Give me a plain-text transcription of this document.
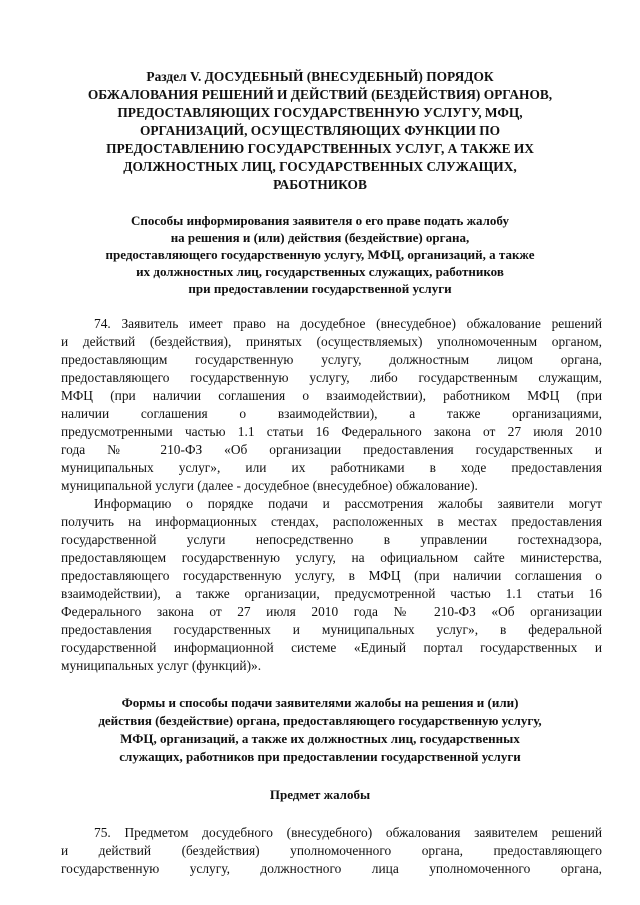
Раздел V. ДОСУДЕБНЫЙ (ВНЕСУДЕБНЫЙ) ПОРЯДОК
ОБЖАЛОВАНИЯ РЕШЕНИЙ И ДЕЙСТВИЙ (БЕЗДЕЙСТВИЯ) ОРГАНОВ,
ПРЕДОСТАВЛЯЮЩИХ ГОСУДАРСТВЕННУЮ УСЛУГУ, МФЦ,
ОРГАНИЗАЦИЙ, ОСУЩЕСТВЛЯЮЩИХ ФУНКЦИИ ПО
ПРЕДОСТАВЛЕНИЮ ГОСУДАРСТВЕННЫХ УСЛУГ, А ТАКЖЕ ИХ
ДОЛЖНОСТНЫХ ЛИЦ, ГОСУДАРСТВЕННЫХ СЛУЖАЩИХ,
РАБОТНИКОВ
Способы информирования заявителя о его праве подать жалобу
на решения и (или) действия (бездействие) органа,
предоставляющего государственную услугу, МФЦ, организаций, а также
их должностных лиц, государственных служащих, работников
при предоставлении государственной услуги
74. Заявитель имеет право на досудебное (внесудебное) обжалование решений
и действий (бездействия), принятых (осуществляемых) уполномоченным органом,
предоставляющим государственную услугу, должностным лицом органа,
предоставляющего государственную услугу, либо государственным служащим,
МФЦ (при наличии соглашения о взаимодействии), работником МФЦ (при
наличии соглашения о взаимодействии), а также организациями,
предусмотренными частью 1.1 статьи 16 Федерального закона от 27 июля 2010
года № 210-ФЗ «Об организации предоставления государственных и
муниципальных услуг», или их работниками в ходе предоставления
муниципальной услуги (далее - досудебное (внесудебное) обжалование).
Информацию о порядке подачи и рассмотрения жалобы заявители могут
получить на информационных стендах, расположенных в местах предоставления
государственной услуги непосредственно в управлении гостехнадзора,
предоставляющем государственную услугу, на официальном сайте министерства,
предоставляющего государственную услугу, в МФЦ (при наличии соглашения о
взаимодействии), а также организации, предусмотренной частью 1.1 статьи 16
Федерального закона от 27 июля 2010 года № 210-ФЗ «Об организации
предоставления государственных и муниципальных услуг», в федеральной
государственной информационной системе «Единый портал государственных и
муниципальных услуг (функций)».
Формы и способы подачи заявителями жалобы на решения и (или)
действия (бездействие) органа, предоставляющего государственную услугу,
МФЦ, организаций, а также их должностных лиц, государственных
служащих, работников при предоставлении государственной услуги
Предмет жалобы
75. Предметом досудебного (внесудебного) обжалования заявителем решений
и действий (бездействия) уполномоченного органа, предоставляющего
государственную услугу, должностного лица уполномоченного органа,
